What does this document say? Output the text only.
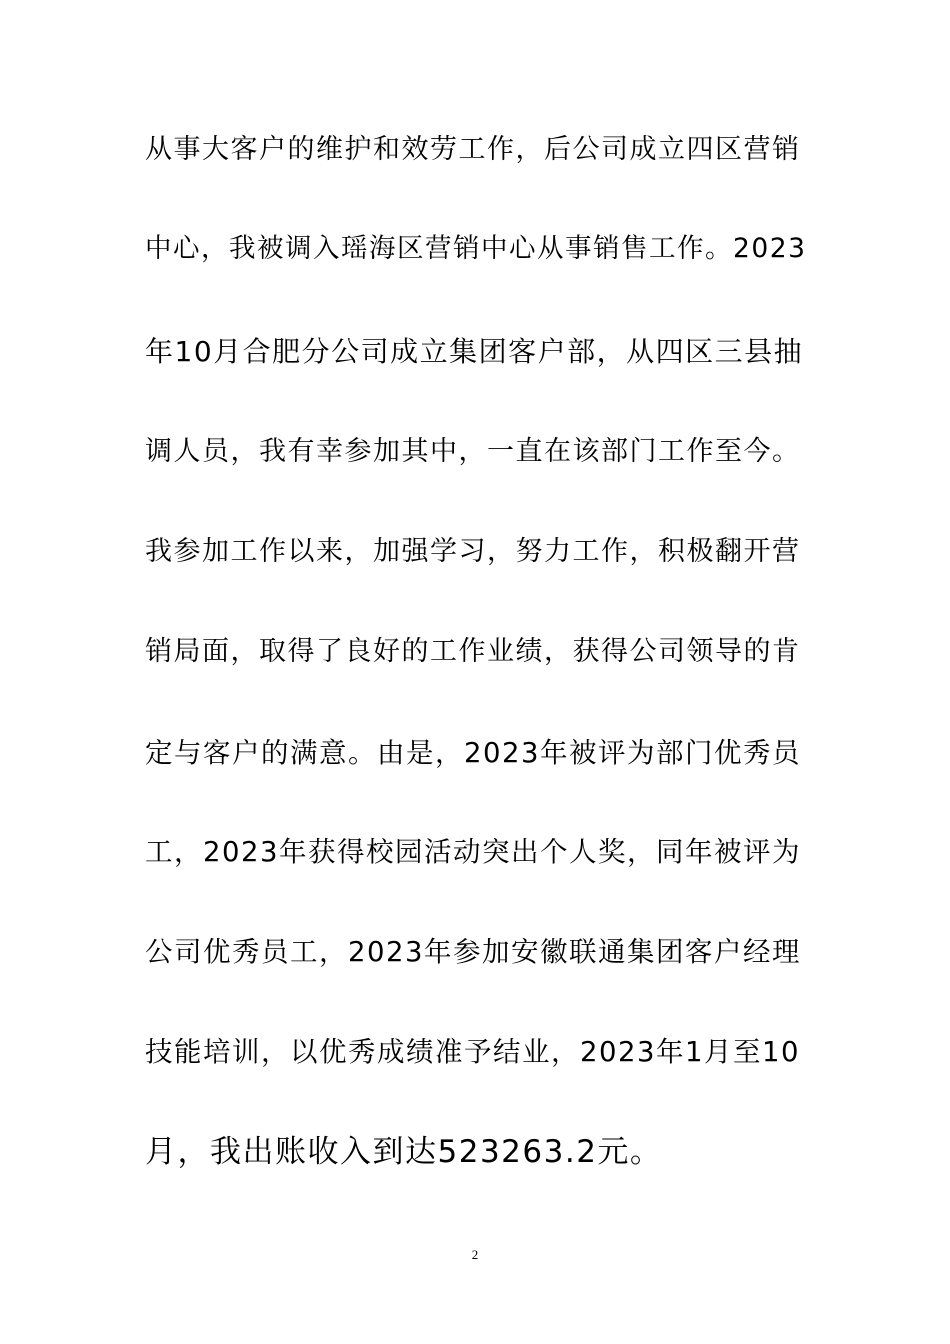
从事大客户的维护和效劳工作，后公司成立四区营销
中心，我被调入瑶海区营销中心从事销售工作。2023
年10月合肥分公司成立集团客户部，从四区三县抽
调人员，我有幸参加其中，一直在该部门工作至今。
我参加工作以来，加强学习，努力工作，积极翻开营
销局面，取得了良好的工作业绩，获得公司领导的肯
定与客户的满意。由是，2023年被评为部门优秀员
工，2023年获得校园活动突出个人奖，同年被评为
公司优秀员工，2023年参加安徽联通集团客户经理
技能培训，以优秀成绩准予结业，2023年1月至10
月，我出账收入到达523263.2元。
2
